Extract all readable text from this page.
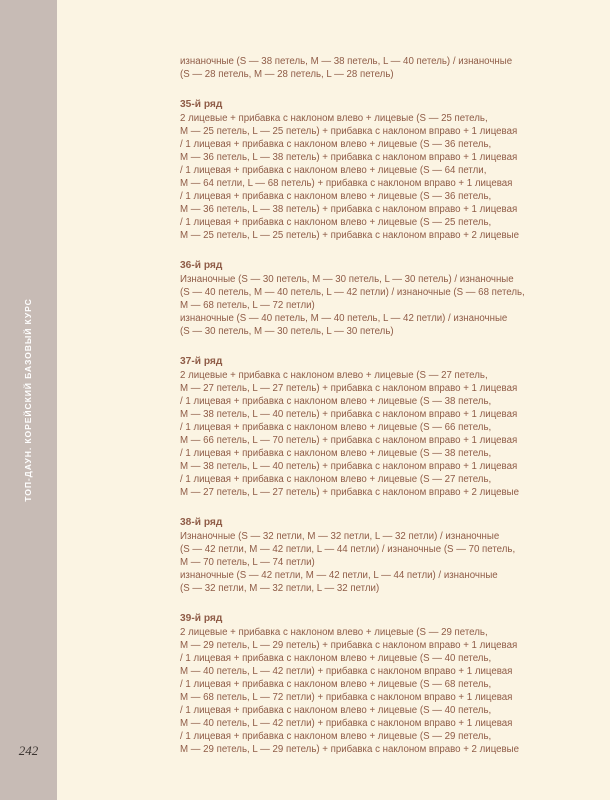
ТОП-ДАУН. КОРЕЙСКИЙ БАЗОВЫЙ КУРС
242
изнаночные (S — 38 петель, M — 38 петель, L — 40 петель) / изнаночные
(S — 28 петель, M — 28 петель, L — 28 петель)
35-й ряд
2 лицевые + прибавка с наклоном влево + лицевые (S — 25 петель,
M — 25 петель, L — 25 петель) + прибавка с наклоном вправо + 1 лицевая
/ 1 лицевая + прибавка с наклоном влево + лицевые (S — 36 петель,
M — 36 петель, L — 38 петель) + прибавка с наклоном вправо + 1 лицевая
/ 1 лицевая + прибавка с наклоном влево + лицевые (S — 64 петли,
M — 64 петли, L — 68 петель) + прибавка с наклоном вправо + 1 лицевая
/ 1 лицевая + прибавка с наклоном влево + лицевые (S — 36 петель,
M — 36 петель, L — 38 петель) + прибавка с наклоном вправо + 1 лицевая
/ 1 лицевая + прибавка с наклоном влево + лицевые (S — 25 петель,
M — 25 петель, L — 25 петель) + прибавка с наклоном вправо + 2 лицевые
36-й ряд
Изнаночные (S — 30 петель, M — 30 петель, L — 30 петель) / изнаночные
(S — 40 петель, M — 40 петель, L — 42 петли) / изнаночные (S — 68 петель,
M — 68 петель, L — 72 петли)
изнаночные (S — 40 петель, M — 40 петель, L — 42 петли) / изнаночные
(S — 30 петель, M — 30 петель, L — 30 петель)
37-й ряд
2 лицевые + прибавка с наклоном влево + лицевые (S — 27 петель,
M — 27 петель, L — 27 петель) + прибавка с наклоном вправо + 1 лицевая
/ 1 лицевая + прибавка с наклоном влево + лицевые (S — 38 петель,
M — 38 петель, L — 40 петель) + прибавка с наклоном вправо + 1 лицевая
/ 1 лицевая + прибавка с наклоном влево + лицевые (S — 66 петель,
M — 66 петель, L — 70 петель) + прибавка с наклоном вправо + 1 лицевая
/ 1 лицевая + прибавка с наклоном влево + лицевые (S — 38 петель,
M — 38 петель, L — 40 петель) + прибавка с наклоном вправо + 1 лицевая
/ 1 лицевая + прибавка с наклоном влево + лицевые (S — 27 петель,
M — 27 петель, L — 27 петель) + прибавка с наклоном вправо + 2 лицевые
38-й ряд
Изнаночные (S — 32 петли, M — 32 петли, L — 32 петли) / изнаночные
(S — 42 петли, M — 42 петли, L — 44 петли) / изнаночные (S — 70 петель,
M — 70 петель, L — 74 петли)
изнаночные (S — 42 петли, M — 42 петли, L — 44 петли) / изнаночные
(S — 32 петли, M — 32 петли, L — 32 петли)
39-й ряд
2 лицевые + прибавка с наклоном влево + лицевые (S — 29 петель,
M — 29 петель, L — 29 петель) + прибавка с наклоном вправо + 1 лицевая
/ 1 лицевая + прибавка с наклоном влево + лицевые (S — 40 петель,
M — 40 петель, L — 42 петли) + прибавка с наклоном вправо + 1 лицевая
/ 1 лицевая + прибавка с наклоном влево + лицевые (S — 68 петель,
M — 68 петель, L — 72 петли) + прибавка с наклоном вправо + 1 лицевая
/ 1 лицевая + прибавка с наклоном влево + лицевые (S — 40 петель,
M — 40 петель, L — 42 петли) + прибавка с наклоном вправо + 1 лицевая
/ 1 лицевая + прибавка с наклоном влево + лицевые (S — 29 петель,
M — 29 петель, L — 29 петель) + прибавка с наклоном вправо + 2 лицевые
